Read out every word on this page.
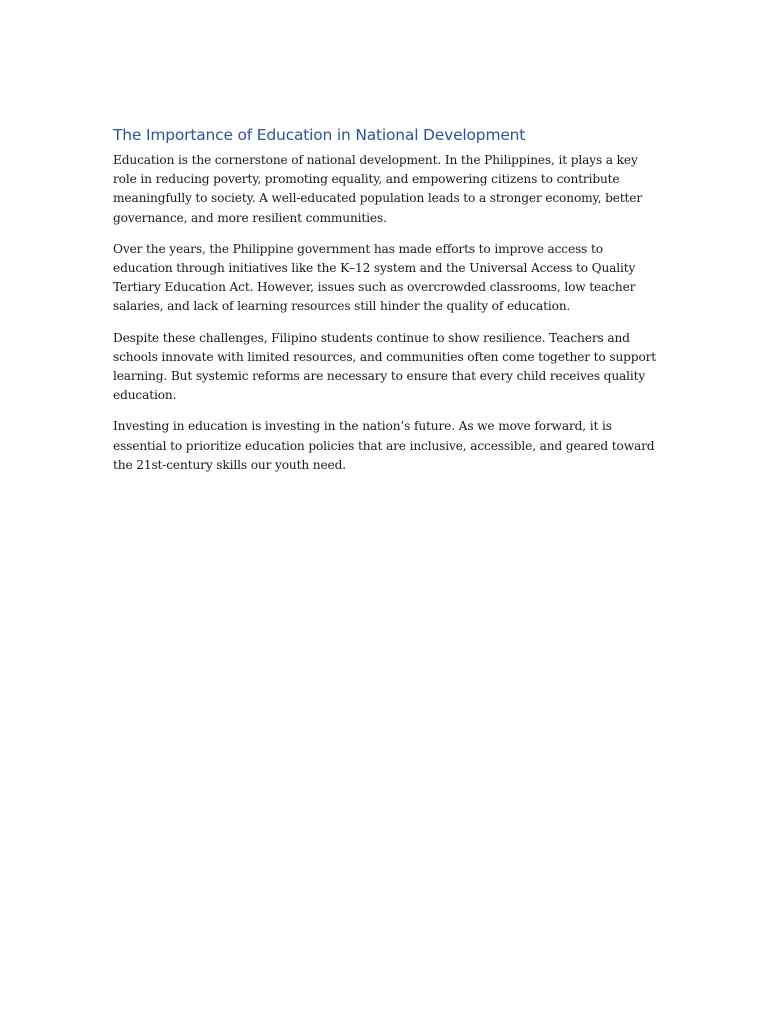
The Importance of Education in National Development

Education is the cornerstone of national development. In the Philippines, it plays a key role in reducing poverty, promoting equality, and empowering citizens to contribute meaningfully to society. A well-educated population leads to a stronger economy, better governance, and more resilient communities.

Over the years, the Philippine government has made efforts to improve access to education through initiatives like the K–12 system and the Universal Access to Quality Tertiary Education Act. However, issues such as overcrowded classrooms, low teacher salaries, and lack of learning resources still hinder the quality of education.

Despite these challenges, Filipino students continue to show resilience. Teachers and schools innovate with limited resources, and communities often come together to support learning. But systemic reforms are necessary to ensure that every child receives quality education.

Investing in education is investing in the nation’s future. As we move forward, it is essential to prioritize education policies that are inclusive, accessible, and geared toward the 21st-century skills our youth need.
